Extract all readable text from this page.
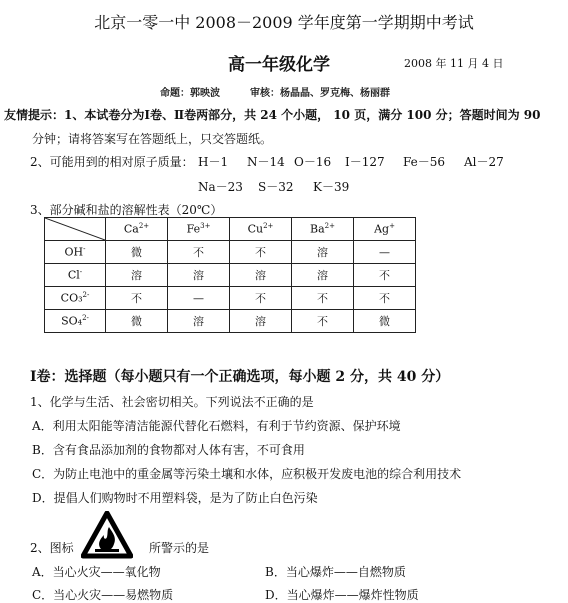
北京一零一中 2008－2009 学年度第一学期期中考试
高一年级化学	2008 年 11 月 4 日
命题：郭映波　　　审核：杨晶晶、罗克梅、杨丽群
友情提示：1、本试卷分为Ⅰ卷、Ⅱ卷两部分，共 24 个小题， 10 页，满分 100 分；答题时间为 90
分钟；请将答案写在答题纸上，只交答题纸。
2、可能用到的相对原子质量： H－1 N－14 O－16 I－127 Fe－56 Al－27
Na－23 S－32 K－39
3、部分碱和盐的溶解性表（20℃）
	$Ca^{2+}$	$Fe^{3+}$	$Cu^{2+}$	$Ba^{2+}$	Ag+
OH-	微	不	不	溶	—
Cl-	溶	溶	溶	溶	不
CO₃$^{2-}$	不	—	不	不	不
SO₄$^{2-}$	微	溶	溶	不	微
Ⅰ卷：选择题（每小题只有一个正确选项，每小题 2 分，共 40 分）
1、化学与生活、社会密切相关。下列说法不正确的是
A．利用太阳能等清洁能源代替化石燃料，有利于节约资源、保护环境
B．含有食品添加剂的食物都对人体有害，不可食用
C．为防止电池中的重金属等污染土壤和水体，应积极开发废电池的综合利用技术
D．提倡人们购物时不用塑料袋，是为了防止白色污染
2、图标	所警示的是
A．当心火灾——氧化物	B．当心爆炸——自燃物质
C．当心火灾——易燃物质	D．当心爆炸——爆炸性物质
